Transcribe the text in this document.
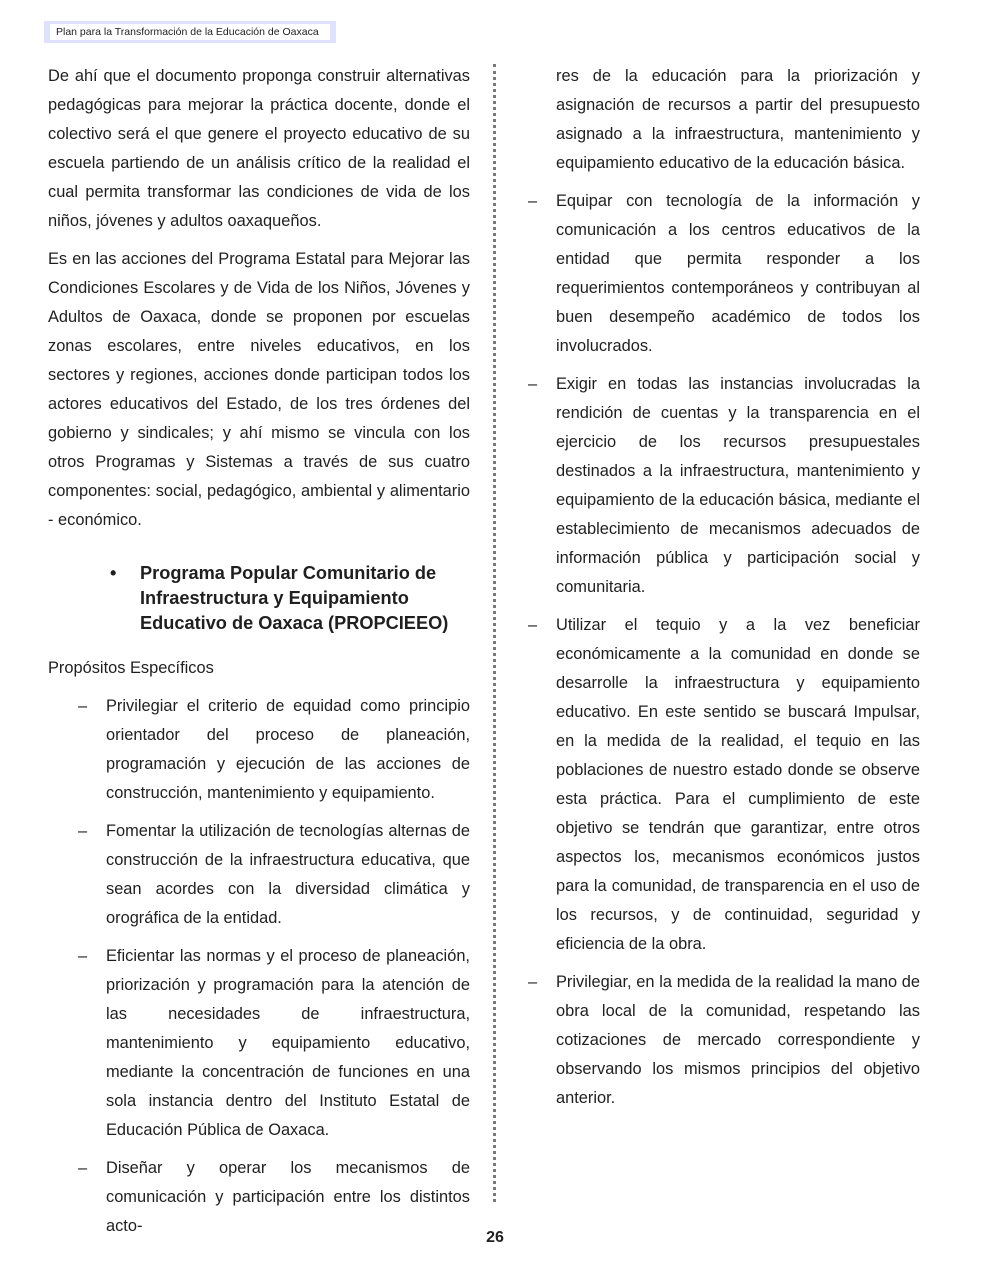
Plan para la Transformación de la Educación de Oaxaca

De ahí que el documento proponga construir alternativas pedagógicas para mejorar la práctica docente, donde el colectivo será el que genere el proyecto educativo de su escuela partiendo de un análisis crítico de la realidad el cual permita transformar las condiciones de vida de los niños, jóvenes y adultos oaxaqueños.

Es en las acciones del Programa Estatal para Mejorar las Condiciones Escolares y de Vida de los Niños, Jóvenes y Adultos de Oaxaca, donde se proponen por escuelas zonas escolares, entre niveles educativos, en los sectores y regiones, acciones donde participan todos los actores educativos del Estado, de los tres órdenes del gobierno y sindicales; y ahí mismo se vincula con los otros Programas y Sistemas a través de sus cuatro componentes: social, pedagógico, ambiental y alimentario - económico.

• Programa Popular Comunitario de Infraestructura y Equipamiento Educativo de Oaxaca (PROPCIEEO)

Propósitos Específicos

– Privilegiar el criterio de equidad como principio orientador del proceso de planeación, programación y ejecución de las acciones de construcción, mantenimiento y equipamiento.
– Fomentar la utilización de tecnologías alternas de construcción de la infraestructura educativa, que sean acordes con la diversidad climática y orográfica de la entidad.
– Eficientar las normas y el proceso de planeación, priorización y programación para la atención de las necesidades de infraestructura, mantenimiento y equipamiento educativo, mediante la concentración de funciones en una sola instancia dentro del Instituto Estatal de Educación Pública de Oaxaca.
– Diseñar y operar los mecanismos de comunicación y participación entre los distintos acto-

res de la educación para la priorización y asignación de recursos a partir del presupuesto asignado a la infraestructura, mantenimiento y equipamiento educativo de la educación básica.

– Equipar con tecnología de la información y comunicación a los centros educativos de la entidad que permita responder a los requerimientos contemporáneos y contribuyan al buen desempeño académico de todos los involucrados.
– Exigir en todas las instancias involucradas la rendición de cuentas y la transparencia en el ejercicio de los recursos presupuestales destinados a la infraestructura, mantenimiento y equipamiento de la educación básica, mediante el establecimiento de mecanismos adecuados de información pública y participación social y comunitaria.
– Utilizar el tequio y a la vez beneficiar económicamente a la comunidad en donde se desarrolle la infraestructura y equipamiento educativo. En este sentido se buscará Impulsar, en la medida de la realidad, el tequio en las poblaciones de nuestro estado donde se observe esta práctica. Para el cumplimiento de este objetivo se tendrán que garantizar, entre otros aspectos los, mecanismos económicos justos para la comunidad, de transparencia en el uso de los recursos, y de continuidad, seguridad y eficiencia de la obra.
– Privilegiar, en la medida de la realidad la mano de obra local de la comunidad, respetando las cotizaciones de mercado correspondiente y observando los mismos principios del objetivo anterior.
26
